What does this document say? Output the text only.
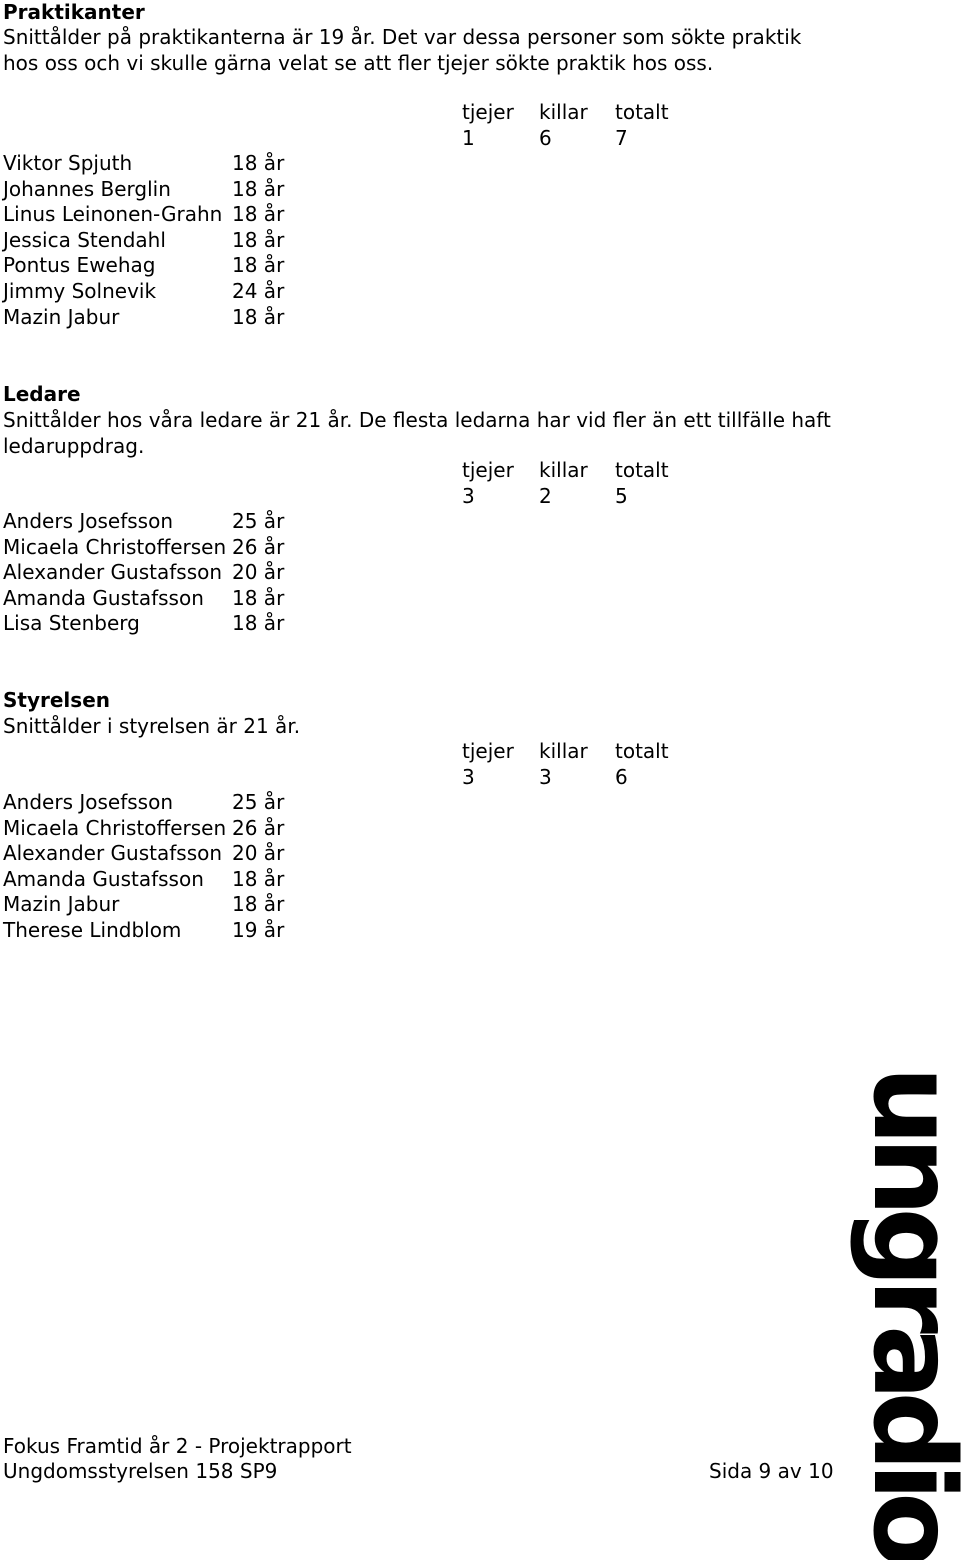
Praktikanter
Snittålder på praktikanterna är 19 år. Det var dessa personer som sökte praktik hos oss och vi skulle gärna velat se att fler tjejer sökte praktik hos oss.
tjejer killar totalt
1	6	7
Viktor Spjuth	18 år
Johannes Berglin	18 år
Linus Leinonen-Grahn 18 år
Jessica Stendahl	18 år
Pontus Ewehag	18 år
Jimmy Solnevik	24 år
Mazin Jabur	18 år
Ledare
Snittålder hos våra ledare är 21 år. De flesta ledarna har vid fler än ett tillfälle haft ledaruppdrag.
tjejer killar totalt
3	2	5
Anders Josefsson	25 år
Micaela Christoffersen 26 år
Alexander Gustafsson 20 år
Amanda Gustafsson 18 år
Lisa Stenberg	18 år
Styrelsen
Snittålder i styrelsen är 21 år.
tjejer killar totalt
3	3	6
Anders Josefsson	25 år
Micaela Christoffersen 26 år
Alexander Gustafsson 20 år
Amanda Gustafsson 18 år
Mazin Jabur	18 år
Therese Lindblom	19 år
ungradio
Fokus Framtid år 2 - Projektrapport
Ungdomsstyrelsen 158 SP9	Sida 9 av 10
